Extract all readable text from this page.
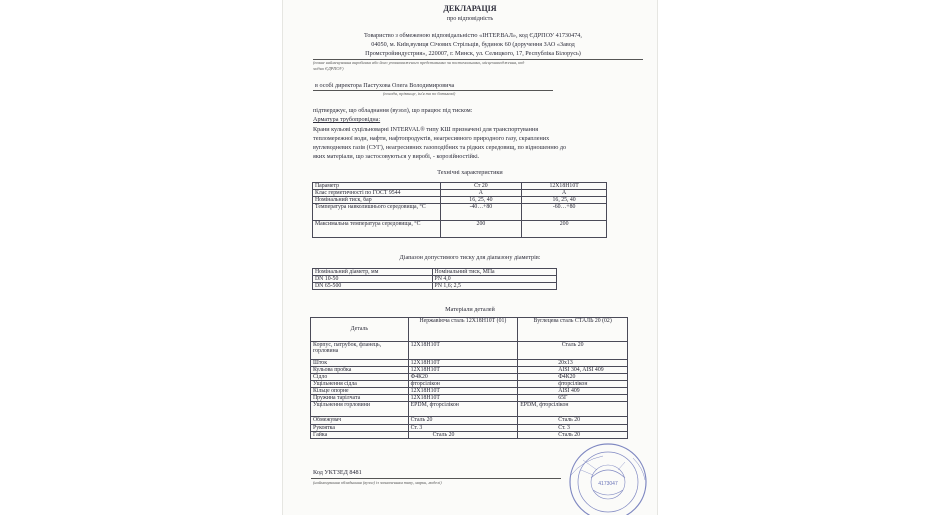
ДЕКЛАРАЦІЯ
про відповідність
Товариство з обмеженою відповідальністю «ІНТЕР.ВАЛ», код ЄДРПОУ 41730474,
04050, м. Київ,вулиця Січових Стрільців, будинок 60 (доручення ЗАО «Завод
Промстройиндустрия», 220007, г. Минск, ул. Селицкого, 17, Республіка Білорусь)
(повне найменування виробника або його уповноваженого представника чи постачальника, місцезнаходження, код
згідно ЄДРПОУ)
в особі директора Пастухова Олега Володимировича
(посада, прізвище, ім'я та по батькові)
підтверджує, що обладнання (вузол), що працює під тиском:
Арматура трубопровідна:
Крани кульові суцільноварні INTERVAL® типу КШ призначені для транспортування
тепломережної води, нафти, нафтопродуктів, неагресивного природного газу, скраплених
вуглеводневих газів (СУГ), неагресивних газоподібних та рідких середовищ, по відношенню до
яких матеріали, що застосовуються у виробі, - корозійностійкі.
Технічні характеристики
Параметр	Ст 20	12Х18Н10Т
Клас герметичності по ГОСТ 9544	А	А
Номінальний тиск, бар	16, 25, 40	16, 25, 40
Температура навколишнього середовища, °С	-40…+80	-60…+80
Максимальна температура середовища, °С	200	200
Діапазон допустимого тиску для діапазону діаметрів:
Номінальний діаметр, мм	Номінальний тиск, МПа
DN 10-50	PN 4,0
DN 65-500	PN 1,6; 2,5
Матеріали деталей
Деталь	Нержавіюча сталь 12Х18Н10Т (01)	Вуглецева сталь СТАЛЬ 20 (02)
Корпус, патрубок, фланець, горловина	12Х18Н10Т	Сталь 20
Шток	12Х18Н10Т	20х13
Кульова пробка	12Х18Н10Т	AISI 304, AISI 409
Сідло	Ф4К20	Ф4К20
Ущільнення сідла	фторсілікон	фторсілікон
Кільце опорне	12Х18Н10Т	AISI 409
Пружина тарілчата	12Х18Н10Т	65Г
Ущільнення горловини	EPDM, фторсілікон	EPDM, фторсілікон
Обмежувач	Сталь 20	Сталь 20
Рукоятка	Ст. 3	Ст. 3
Гайка	Сталь 20	Сталь 20
Код УКТЗЕД 8481
(найменування обладнання (вузол) із зазначенням типу, марки, моделі)	4173047
